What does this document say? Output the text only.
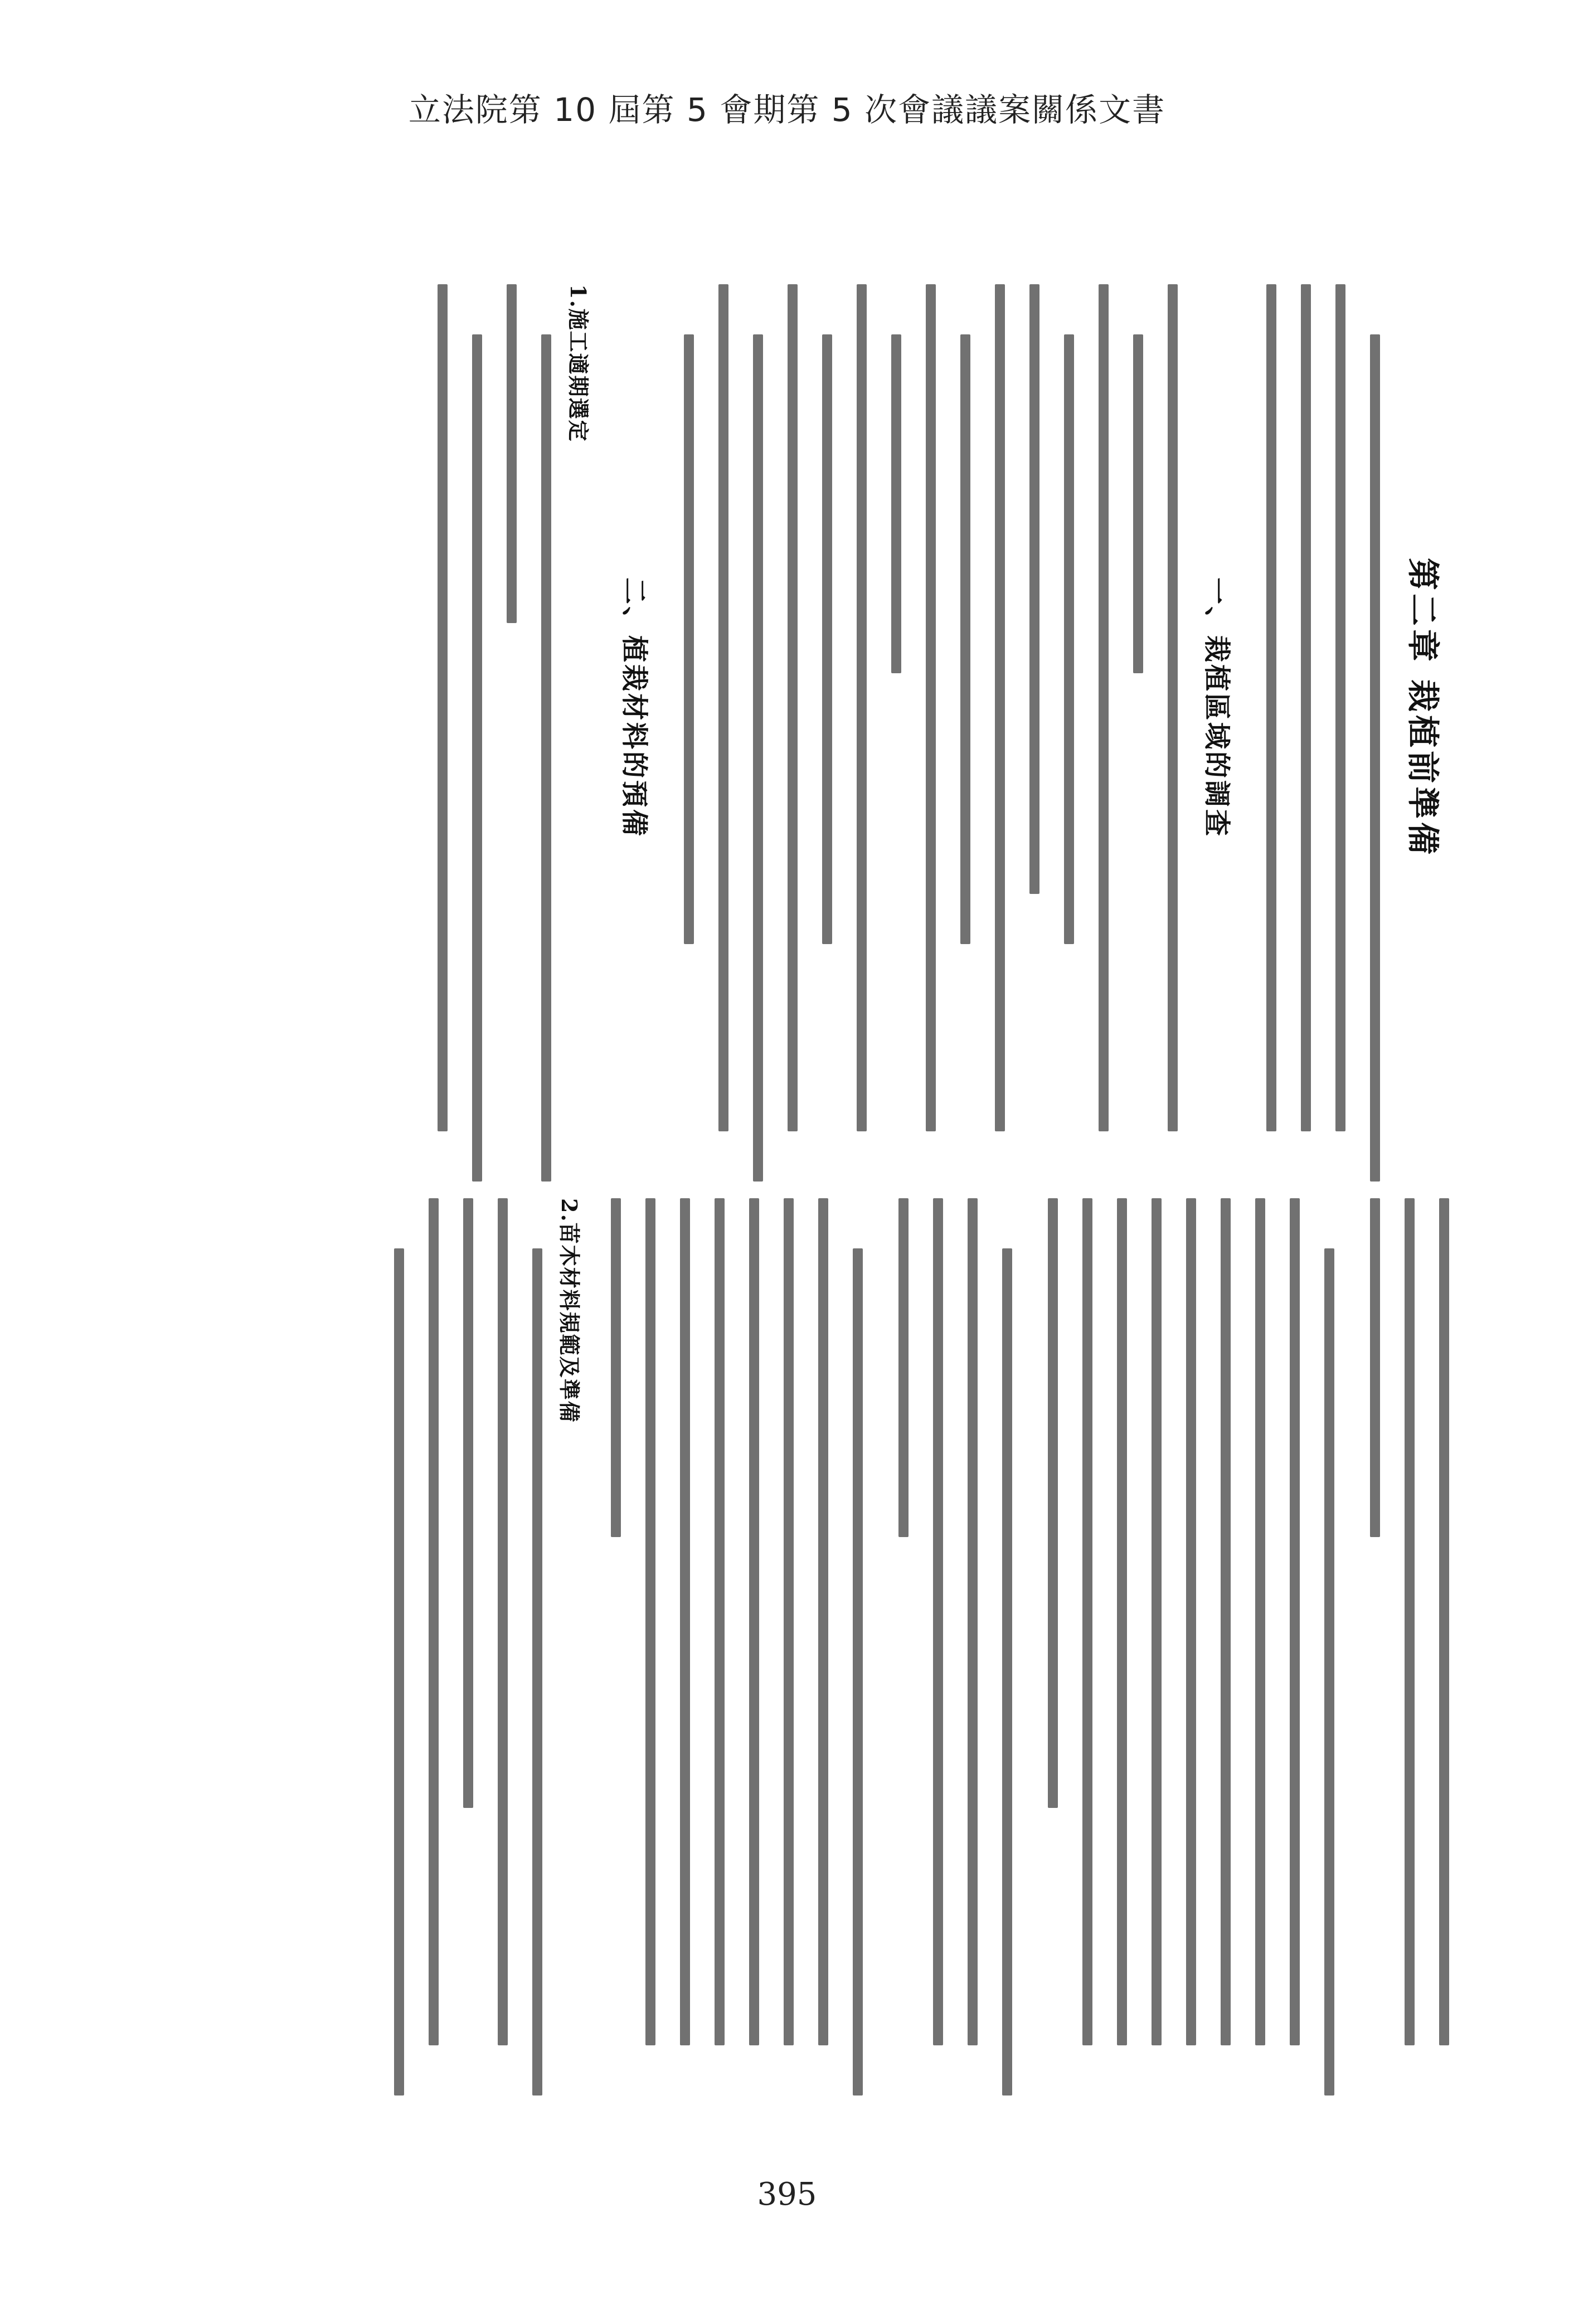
立法院第 10 屆第 5 會期第 5 次會議議案關係文書
第二章 栽植前準備
一、栽植區域的調查
二、植栽材料的預備
1.施工適期選定
2.苗木材料規範及準備
395
